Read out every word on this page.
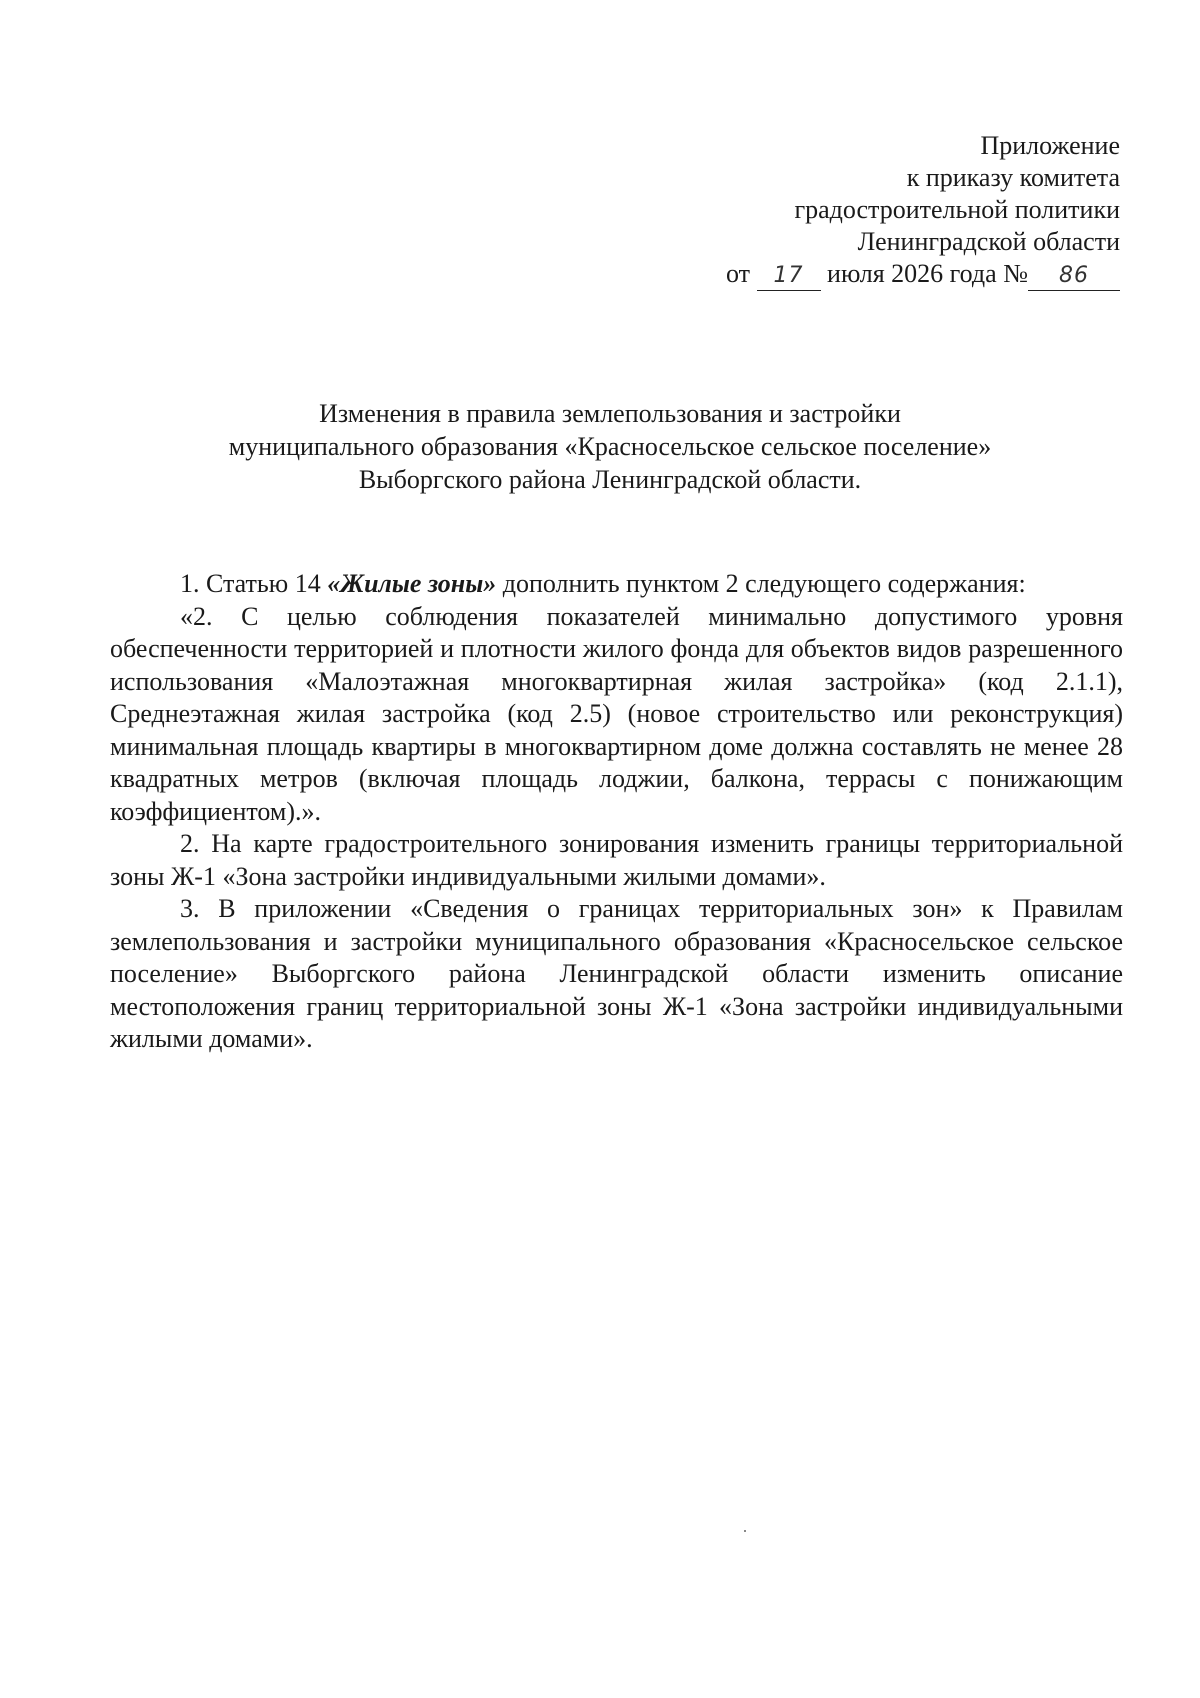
Приложение
к приказу комитета
градостроительной политики
Ленинградской области
от 17 июля 2026 года № 86
Изменения в правила землепользования и застройки
муниципального образования «Красносельское сельское поселение»
Выборгского района Ленинградской области.

1. Статью 14 «Жилые зоны» дополнить пунктом 2 следующего содержания:

«2. С целью соблюдения показателей минимально допустимого уровня обеспеченности территорией и плотности жилого фонда для объектов видов разрешенного использования «Малоэтажная многоквартирная жилая застройка» (код 2.1.1), Среднеэтажная жилая застройка (код 2.5) (новое строительство или реконструкция) минимальная площадь квартиры в многоквартирном доме должна составлять не менее 28 квадратных метров (включая площадь лоджии, балкона, террасы с понижающим коэффициентом).».

2. На карте градостроительного зонирования изменить границы территориальной зоны Ж-1 «Зона застройки индивидуальными жилыми домами».

3. В приложении «Сведения о границах территориальных зон» к Правилам землепользования и застройки муниципального образования «Красносельское сельское поселение» Выборгского района Ленинградской области изменить описание местоположения границ территориальной зоны Ж-1 «Зона застройки индивидуальными жилыми домами».
